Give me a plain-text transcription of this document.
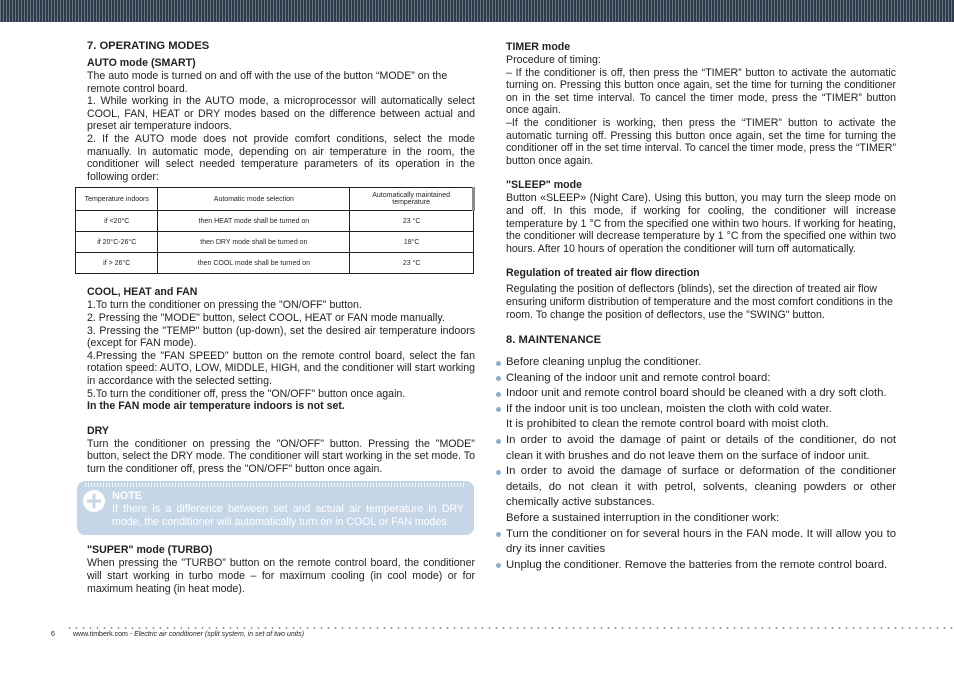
7. OPERATING MODES
AUTO mode (SMART)
The auto mode is turned on and off with the use of the button “MODE” on the remote control board.
1. While working in the AUTO mode, a microprocessor will automatically select COOL, FAN, HEAT or DRY modes based on the difference between actual and preset air temperature indoors.
2. If the AUTO mode does not provide comfort conditions, select the mode manually. In automatic mode, depending on air temperature in the room, the conditioner will select needed temperature parameters of its operation in the following order:
Temperature indoors	Automatic mode selection	Automatically maintained temperature
if <20°C	then HEAT mode shall be turned on	23 °C
if 20°C-26°C	then DRY mode shall be turned on	18°C
if > 26°C	then COOL mode shall be turned on	23 °C
COOL, HEAT and FAN
1.To turn the conditioner on pressing the "ON/OFF" button.
2. Pressing the "MODE" button, select COOL, HEAT or FAN mode manually.
3. Pressing the "TEMP" button (up-down), set the desired air temperature indoors (except for FAN mode).
4.Pressing the "FAN SPEED" button on the remote control board, select the fan rotation speed: AUTO, LOW, MIDDLE, HIGH, and the conditioner will start working in accordance with the selected setting.
5.To turn the conditioner off, press the "ON/OFF" button once again.
In the FAN mode air temperature indoors is not set.
DRY
Turn the conditioner on pressing the "ON/OFF" button. Pressing the "MODE" button, select the DRY mode. The conditioner will start working in the set mode. To turn the conditioner off, press the "ON/OFF" button once again.
NOTE
If there is a difference between set and actual air temperature in DRY mode, the conditioner will automatically turn on in COOL or FAN modes.
"SUPER" mode (TURBO)
When pressing the "TURBO" button on the remote control board, the conditioner will start working in turbo mode – for maximum cooling (in cool mode) or for maximum heating (in heat mode).
TIMER mode
Procedure of timing:
– If the conditioner is off, then press the “TIMER” button to activate the automatic turning on. Pressing this button once again, set the time for turning the conditioner on in the set time interval. To cancel the timer mode, press the “TIMER” button once again.
–If the conditioner is working, then press the “TIMER” button to activate the automatic turning off. Pressing this button once again, set the time for turning the conditioner off in the set time interval. To cancel the timer mode, press the “TIMER” button once again.
"SLEEP" mode
Button «SLEEP» (Night Care). Using this button, you may turn the sleep mode on and off. In this mode, if working for cooling, the conditioner will increase temperature by 1 °C from the specified one within two hours. If working for heating, the conditioner will decrease temperature by 1 °C from the specified one within two hours. After 10 hours of operation the conditioner will turn off automatically.
Regulation of treated air flow direction
Regulating the position of deflectors (blinds), set the direction of treated air flow ensuring uniform distribution of temperature and the most comfort conditions in the room. To change the position of deflectors, use the "SWING" button.
8. MAINTENANCE
Before cleaning unplug the conditioner.
Cleaning of the indoor unit and remote control board:
Indoor unit and remote control board should be cleaned with a dry soft cloth.
If the indoor unit is too unclean, moisten the cloth with cold water.
It is prohibited to clean the remote control board with moist cloth.
In order to avoid the damage of paint or details of the conditioner, do not clean it with brushes and do not leave them on the surface of indoor unit.
In order to avoid the damage of surface or deformation of the conditioner details, do not clean it with petrol, solvents, cleaning powders or other chemically active substances.
Before a sustained interruption in the conditioner work:
Turn the conditioner on for several hours in the FAN mode. It will allow you to dry its inner cavities
Unplug the conditioner. Remove the batteries from the remote control board.
6	www.timberk.com - Electric air conditioner (split system, in set of two units)
